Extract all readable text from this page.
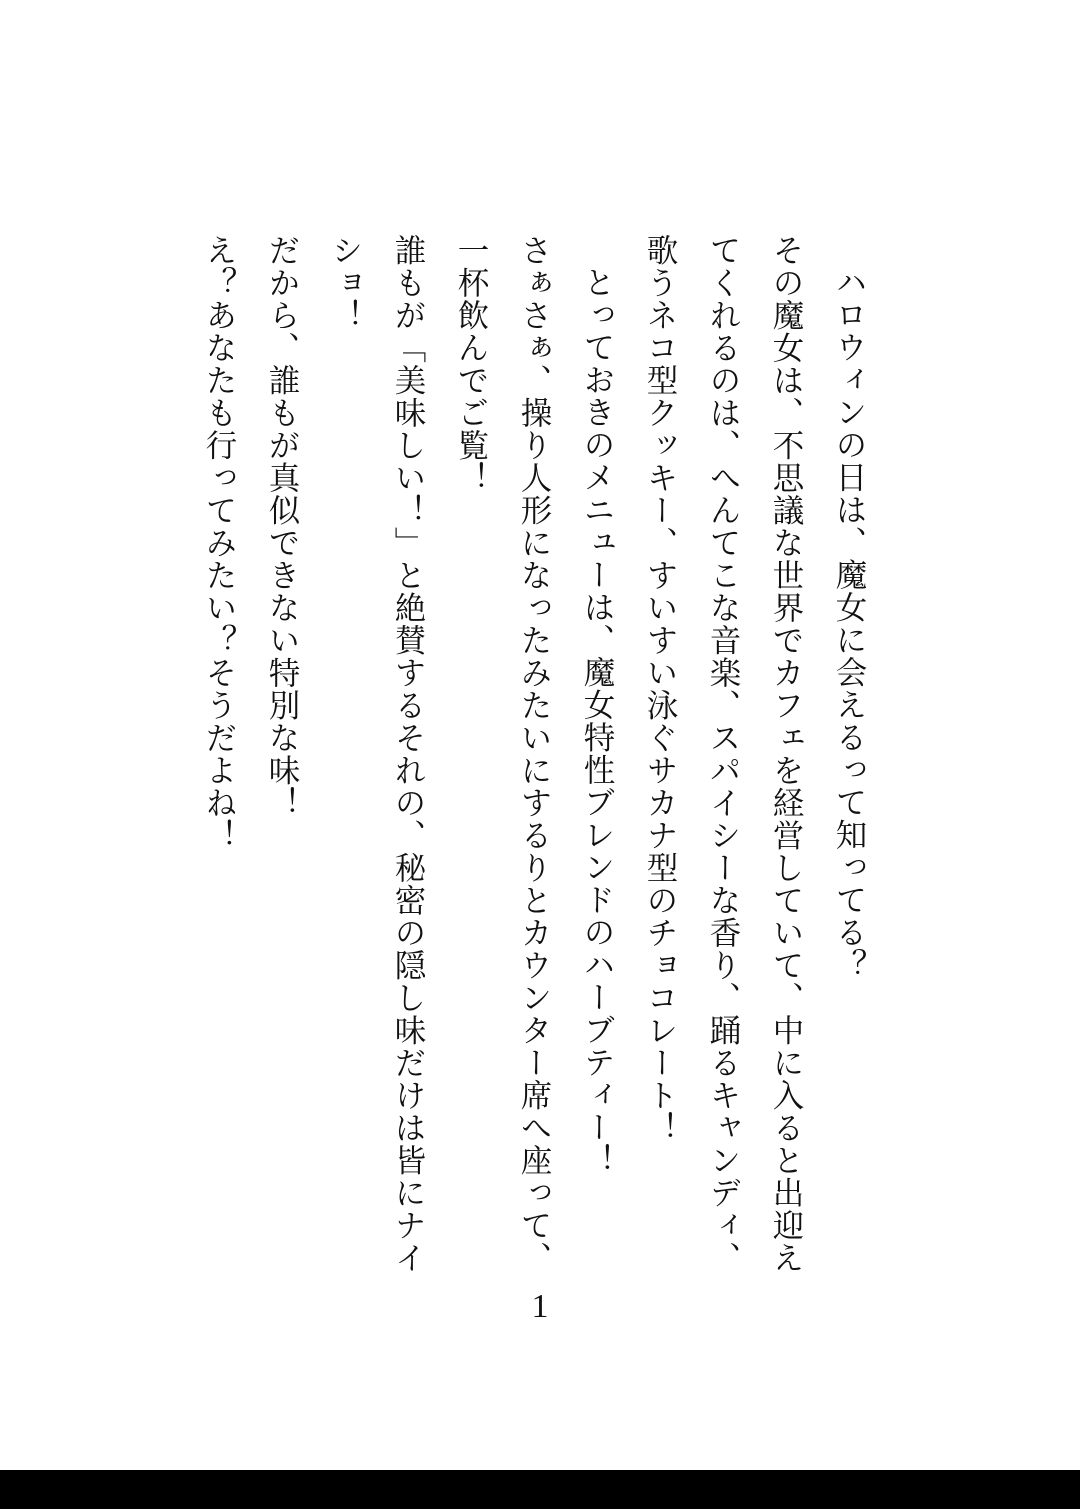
ハロウィンの日は、魔女に会えるって知ってる？
その魔女は、不思議な世界でカフェを経営していて、中に入ると出迎え
てくれるのは、へんてこな音楽、スパイシーな香り、踊るキャンディ、
歌うネコ型クッキー、すいすい泳ぐサカナ型のチョコレート！
とっておきのメニューは、魔女特性ブレンドのハーブティー！
さぁさぁ、操り人形になったみたいにするりとカウンター席へ座って、
一杯飲んでご覧！
誰もが「美味しい！」と絶賛するそれの、秘密の隠し味だけは皆にナイ
ショ！
だから、誰もが真似できない特別な味！
え？あなたも行ってみたい？そうだよね！
1
